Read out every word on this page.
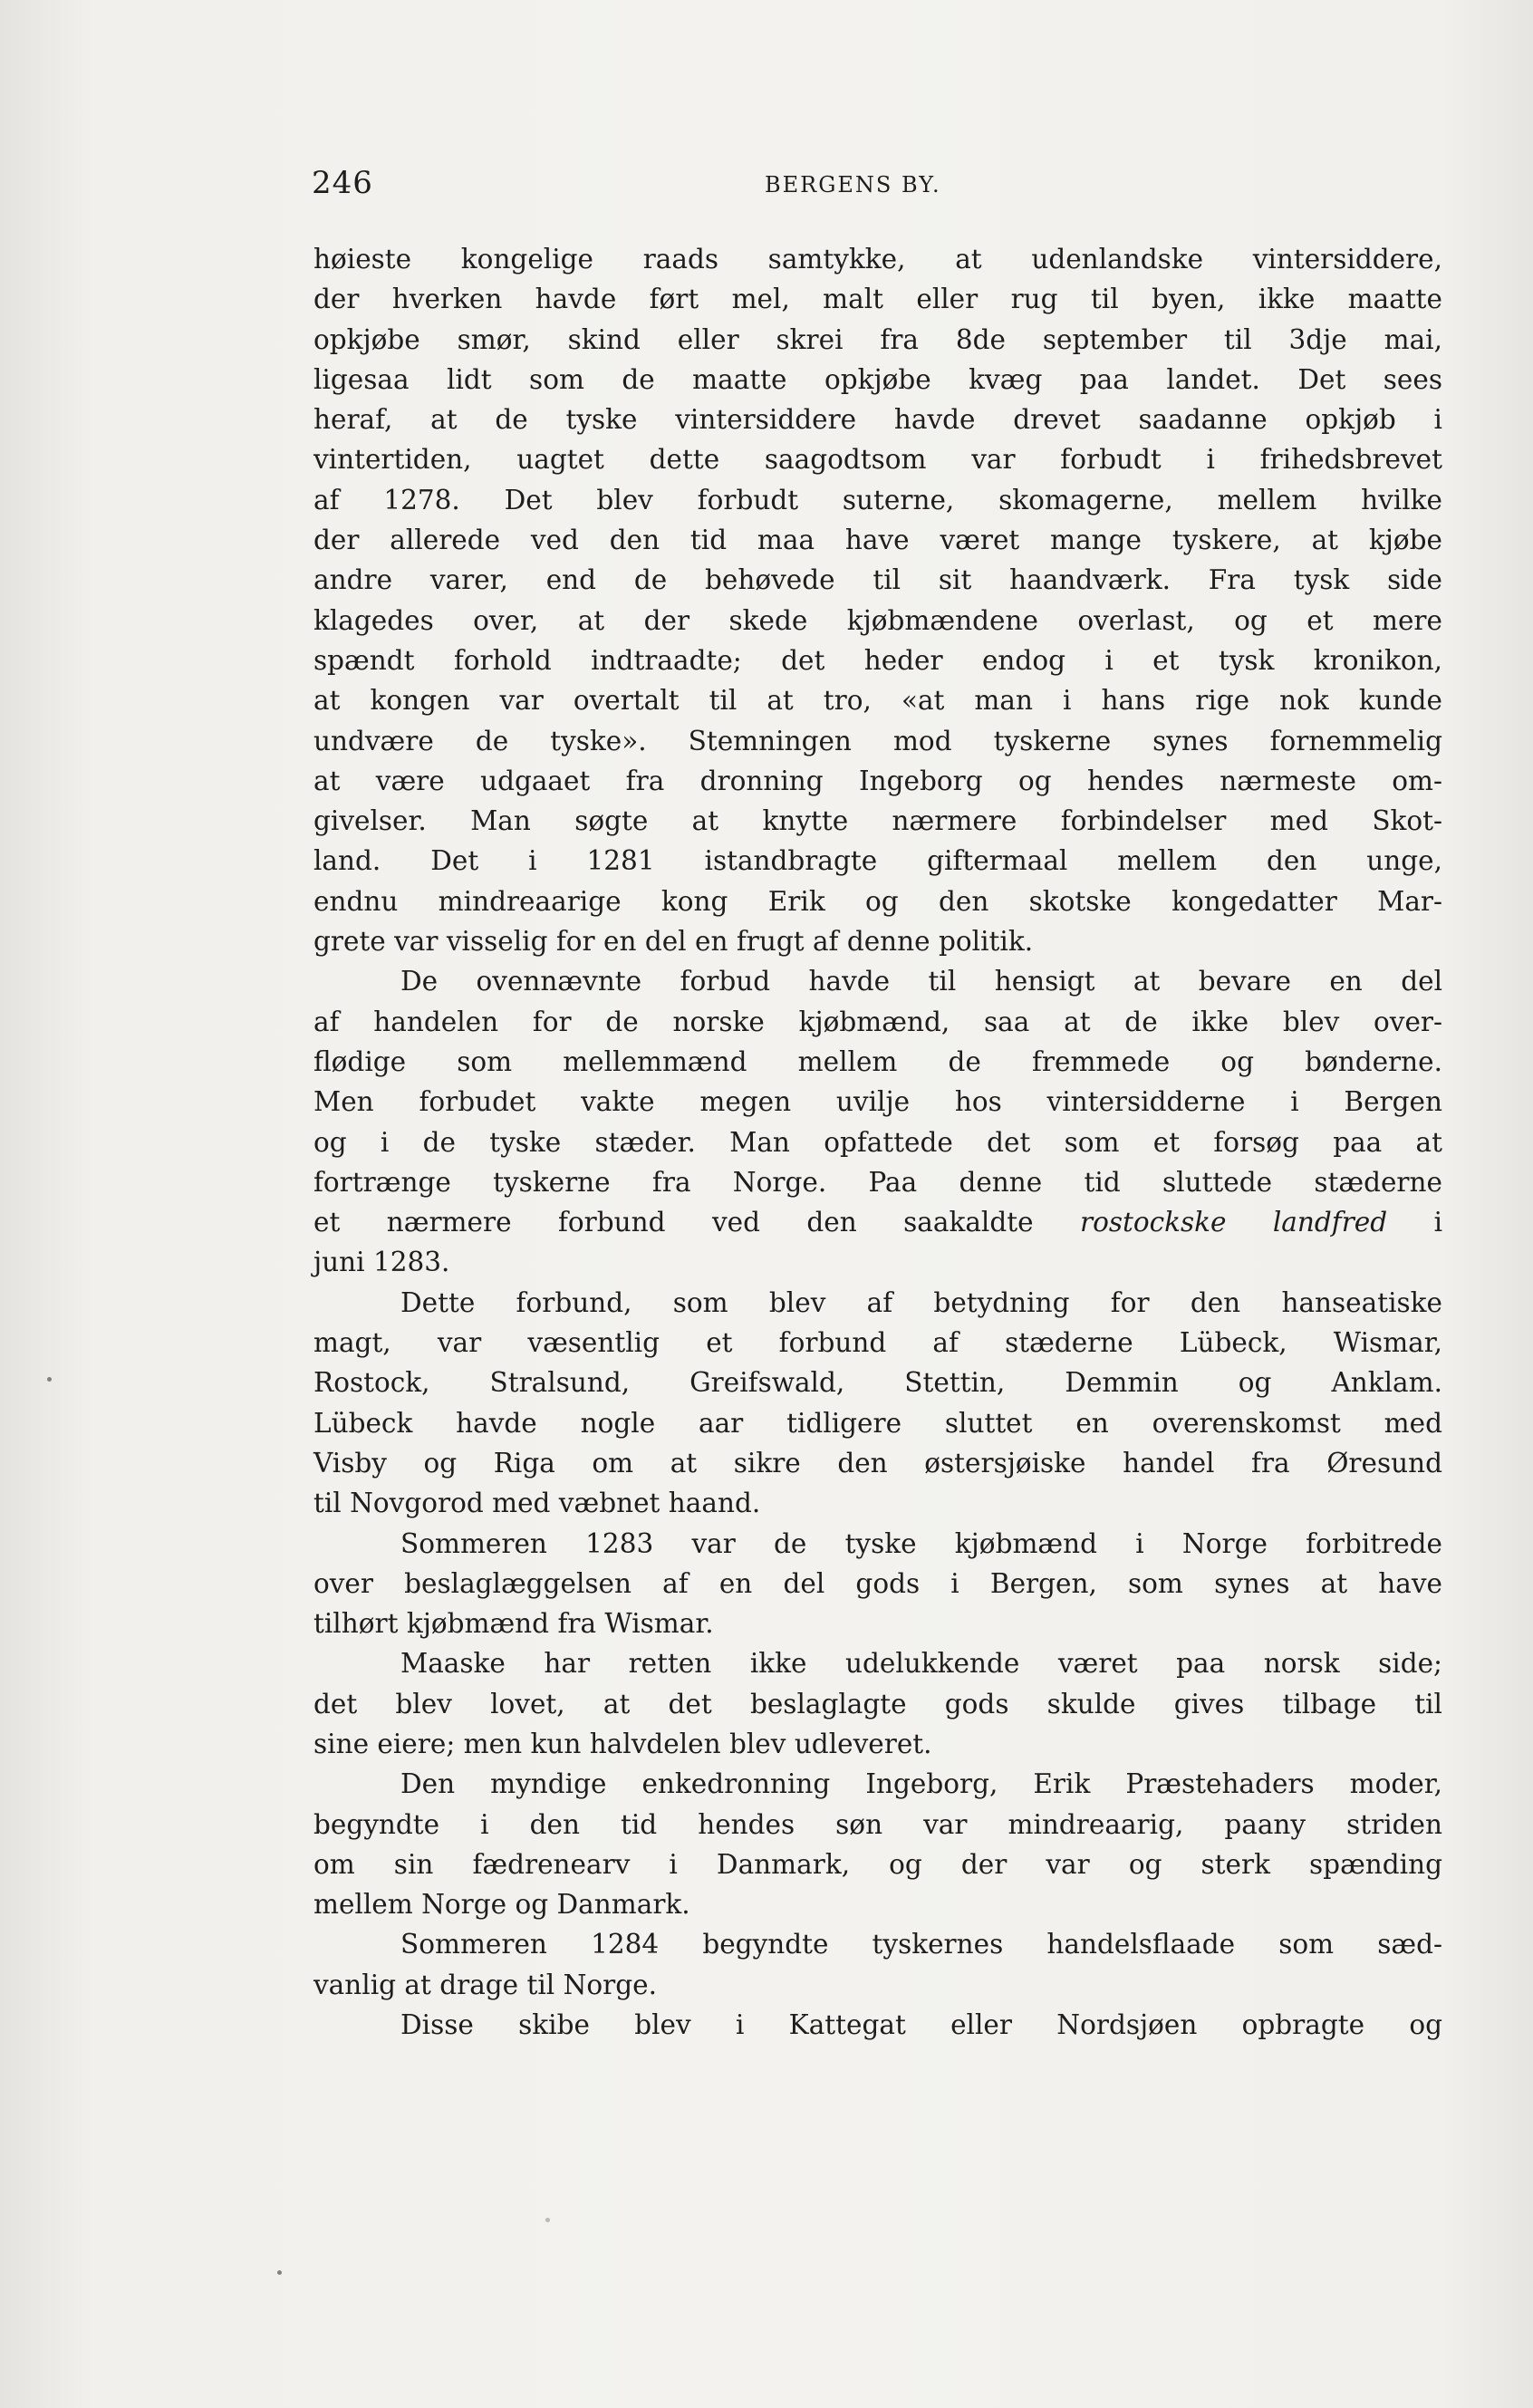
246	BERGENS BY.
høieste kongelige raads samtykke, at udenlandske vintersiddere,
der hverken havde ført mel, malt eller rug til byen, ikke maatte
opkjøbe smør, skind eller skrei fra 8de september til 3dje mai,
ligesaa lidt som de maatte opkjøbe kvæg paa landet. Det sees
heraf, at de tyske vintersiddere havde drevet saadanne opkjøb i
vintertiden, uagtet dette saagodtsom var forbudt i frihedsbrevet
af 1278. Det blev forbudt suterne, skomagerne, mellem hvilke
der allerede ved den tid maa have været mange tyskere, at kjøbe
andre varer, end de behøvede til sit haandværk. Fra tysk side
klagedes over, at der skede kjøbmændene overlast, og et mere
spændt forhold indtraadte; det heder endog i et tysk kronikon,
at kongen var overtalt til at tro, «at man i hans rige nok kunde
undvære de tyske». Stemningen mod tyskerne synes fornemmelig
at være udgaaet fra dronning Ingeborg og hendes nærmeste om-
givelser. Man søgte at knytte nærmere forbindelser med Skot-
land. Det i 1281 istandbragte giftermaal mellem den unge,
endnu mindreaarige kong Erik og den skotske kongedatter Mar-
grete var visselig for en del en frugt af denne politik.
De ovennævnte forbud havde til hensigt at bevare en del
af handelen for de norske kjøbmænd, saa at de ikke blev over-
flødige som mellemmænd mellem de fremmede og bønderne.
Men forbudet vakte megen uvilje hos vintersidderne i Bergen
og i de tyske stæder. Man opfattede det som et forsøg paa at
fortrænge tyskerne fra Norge. Paa denne tid sluttede stæderne
et nærmere forbund ved den saakaldte rostockske landfred i
juni 1283.
Dette forbund, som blev af betydning for den hanseatiske
magt, var væsentlig et forbund af stæderne Lübeck, Wismar,
Rostock, Stralsund, Greifswald, Stettin, Demmin og Anklam.
Lübeck havde nogle aar tidligere sluttet en overenskomst med
Visby og Riga om at sikre den østersjøiske handel fra Øresund
til Novgorod med væbnet haand.
Sommeren 1283 var de tyske kjøbmænd i Norge forbitrede
over beslaglæggelsen af en del gods i Bergen, som synes at have
tilhørt kjøbmænd fra Wismar.
Maaske har retten ikke udelukkende været paa norsk side;
det blev lovet, at det beslaglagte gods skulde gives tilbage til
sine eiere; men kun halvdelen blev udleveret.
Den myndige enkedronning Ingeborg, Erik Præstehaders moder,
begyndte i den tid hendes søn var mindreaarig, paany striden
om sin fædrenearv i Danmark, og der var og sterk spænding
mellem Norge og Danmark.
Sommeren 1284 begyndte tyskernes handelsflaade som sæd-
vanlig at drage til Norge.
Disse skibe blev i Kattegat eller Nordsjøen opbragte og
